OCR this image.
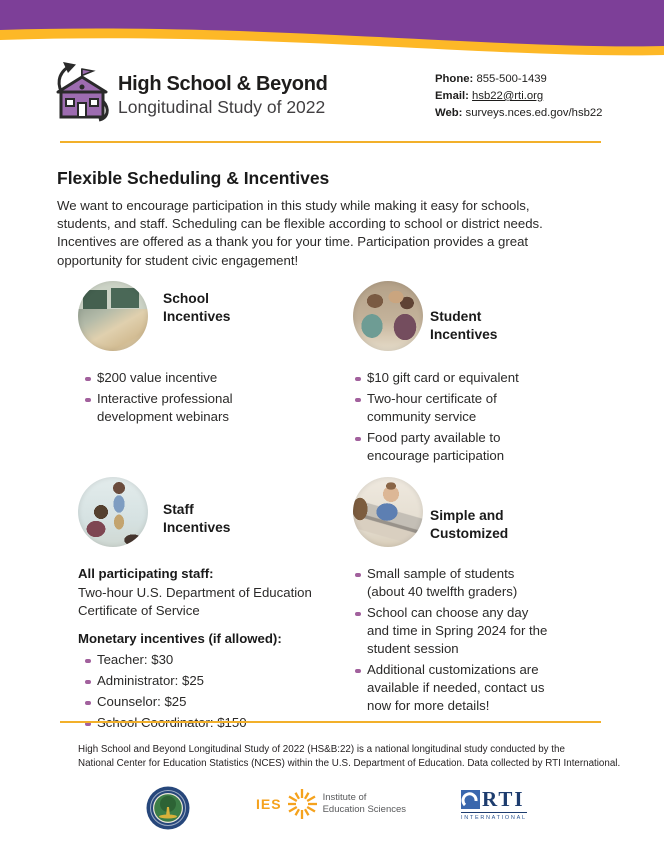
High School & Beyond
Longitudinal Study of 2022
Phone: 855-500-1439
Email: hsb22@rti.org
Web: surveys.nces.ed.gov/hsb22
Flexible Scheduling & Incentives
We want to encourage participation in this study while making it easy for schools,
students, and staff. Scheduling can be flexible according to school or district needs.
Incentives are offered as a thank you for your time. Participation provides a great
opportunity for student civic engagement!
School Incentives
$200 value incentive
Interactive professional development webinars
Student Incentives
$10 gift card or equivalent
Two-hour certificate of community service
Food party available to encourage participation
Staff Incentives
All participating staff:
Two-hour U.S. Department of Education Certificate of Service
Monetary incentives (if allowed):
Teacher: $30
Administrator: $25
Counselor: $25
Simple and Customized
Small sample of students (about 40 twelfth graders)
School can choose any day and time in Spring 2024 for the student session
Additional customizations are available if needed, contact us now for more details!
High School and Beyond Longitudinal Study of 2022 (HS&B:22) is a national longitudinal study conducted by the
National Center for Education Statistics (NCES) within the U.S. Department of Education. Data collected by RTI International.
IES	Institute of
Education Sciences	RTI
INTERNATIONAL
